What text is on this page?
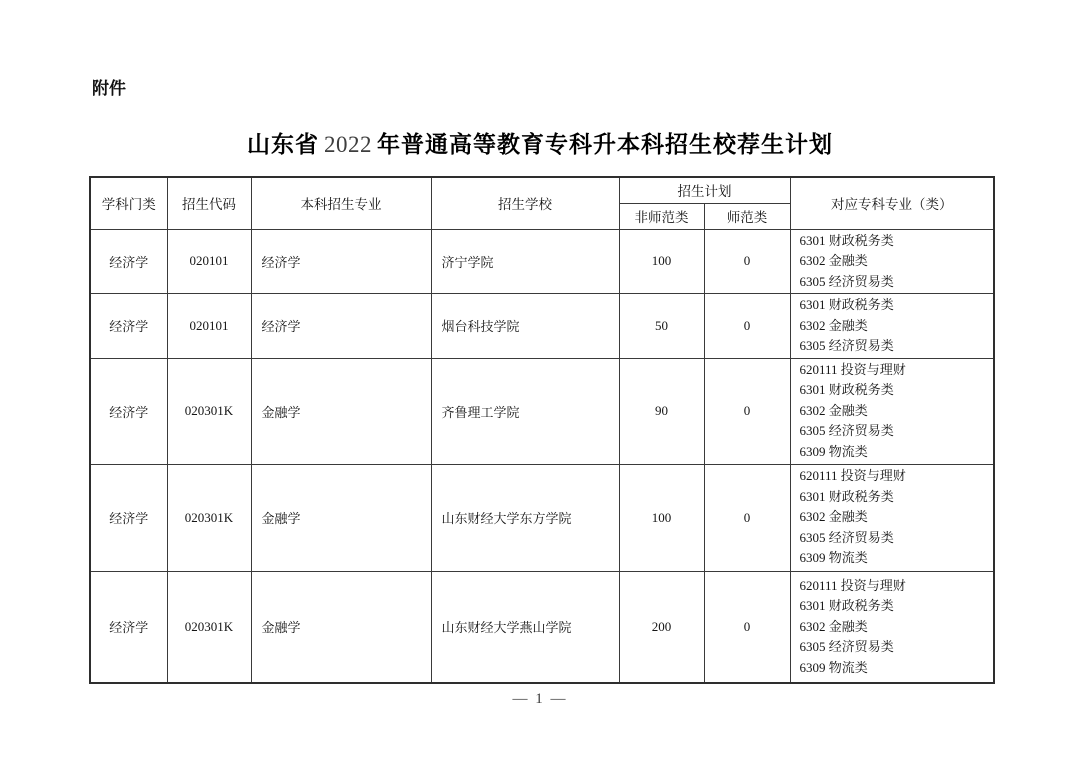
附件
山东省 2022 年普通高等教育专科升本科招生校荐生计划
学科门类	招生代码	本科招生专业	招生学校	招生计划		对应专科专业（类）
				非师范类	师范类	
经济学	020101	经济学	济宁学院	100	0	6301 财政税务类
6302 金融类
6305 经济贸易类

经济学	020101	经济学	烟台科技学院	50	0	6301 财政税务类
6302 金融类
6305 经济贸易类

经济学	020301K	金融学	齐鲁理工学院	90	0	620111 投资与理财
6301 财政税务类
6302 金融类
6305 经济贸易类
6309 物流类

经济学	020301K	金融学	山东财经大学东方学院	100	0	620111 投资与理财
6301 财政税务类
6302 金融类
6305 经济贸易类
6309 物流类

经济学	020301K	金融学	山东财经大学燕山学院	200	0	620111 投资与理财
6301 财政税务类
6302 金融类
6305 经济贸易类
6309 物流类
— 1 —
